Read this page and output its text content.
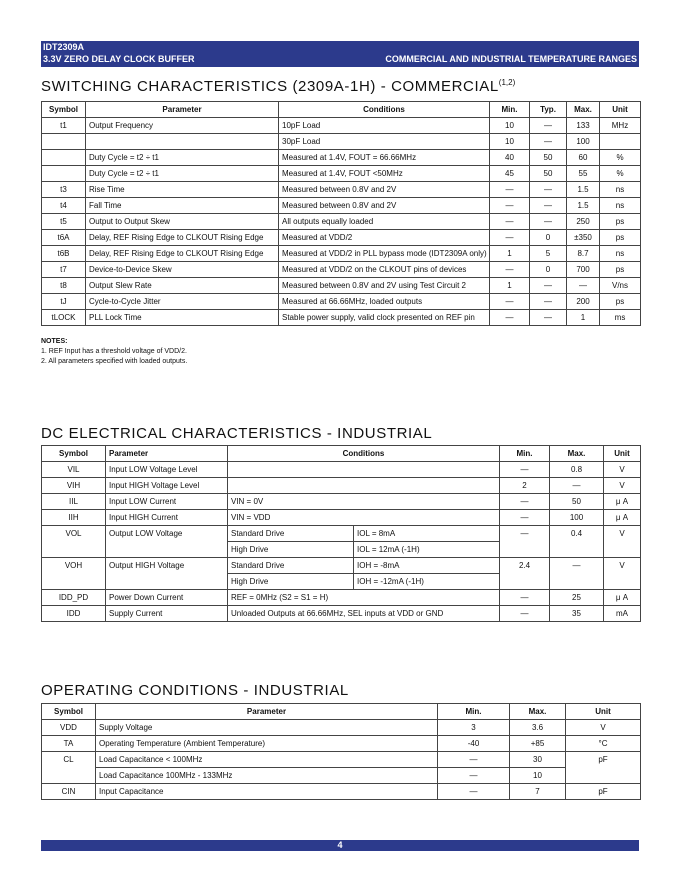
IDT2309A
3.3V ZERO DELAY CLOCK BUFFER	COMMERCIAL AND INDUSTRIAL TEMPERATURE RANGES
SWITCHING CHARACTERISTICS (2309A-1H) - COMMERCIAL$^{(1,2)}$
Symbol	Parameter	Conditions	Min.	Typ.	Max.	Unit
t1	Output Frequency	10pF Load	10	—	133	MHz
		30pF Load	10	—	100	
	Duty Cycle = t2 ÷ t1	Measured at 1.4V, FOUT = 66.66MHz	40	50	60	%
	Duty Cycle = t2 ÷ t1	Measured at 1.4V, FOUT <50MHz	45	50	55	%
t3	Rise Time	Measured between 0.8V and 2V	—	—	1.5	ns
t4	Fall Time	Measured between 0.8V and 2V	—	—	1.5	ns
t5	Output to Output Skew	All outputs equally loaded	—	—	250	ps
t6A	Delay, REF Rising Edge to CLKOUT Rising Edge	Measured at VDD/2	—	0	±350	ps
t6B	Delay, REF Rising Edge to CLKOUT Rising Edge	Measured at VDD/2 in PLL bypass mode (IDT2309A only)	1	5	8.7	ns
t7	Device-to-Device Skew	Measured at VDD/2 on the CLKOUT pins of devices	—	0	700	ps
t8	Output Slew Rate	Measured between 0.8V and 2V using Test Circuit 2	1	—	—	V/ns
tJ	Cycle-to-Cycle Jitter	Measured at 66.66MHz, loaded outputs	—	—	200	ps
tLOCK	PLL Lock Time	Stable power supply, valid clock presented on REF pin	—	—	1	ms
NOTES:
1. REF Input has a threshold voltage of VDD/2.
2. All parameters specified with loaded outputs.
DC ELECTRICAL CHARACTERISTICS - INDUSTRIAL
Symbol	Parameter	Conditions		Min.	Max.	Unit
VIL	Input LOW Voltage Level			—	0.8	V
VIH	Input HIGH Voltage Level			2	—	V
IIL	Input LOW Current	VIN = 0V		—	50	μ A
IIH	Input HIGH Current	VIN = VDD		—	100	μ A
VOL	Output LOW Voltage	Standard Drive	IOL = 8mA	—	0.4	V
		High Drive	IOL = 12mA (-1H)			
VOH	Output HIGH Voltage	Standard Drive	IOH = -8mA	2.4	—	V
		High Drive	IOH = -12mA (-1H)			
IDD_PD	Power Down Current	REF = 0MHz (S2 = S1 = H)		—	25	μ A
IDD	Supply Current	Unloaded Outputs at 66.66MHz, SEL inputs at VDD or GND		—	35	mA
OPERATING CONDITIONS - INDUSTRIAL
Symbol	Parameter	Min.	Max.	Unit
VDD	Supply Voltage	3	3.6	V
TA	Operating Temperature (Ambient Temperature)	-40	+85	°C
CL	Load Capacitance < 100MHz	—	30	pF
	Load Capacitance 100MHz - 133MHz	—	10	
CIN	Input Capacitance	—	7	pF
4
